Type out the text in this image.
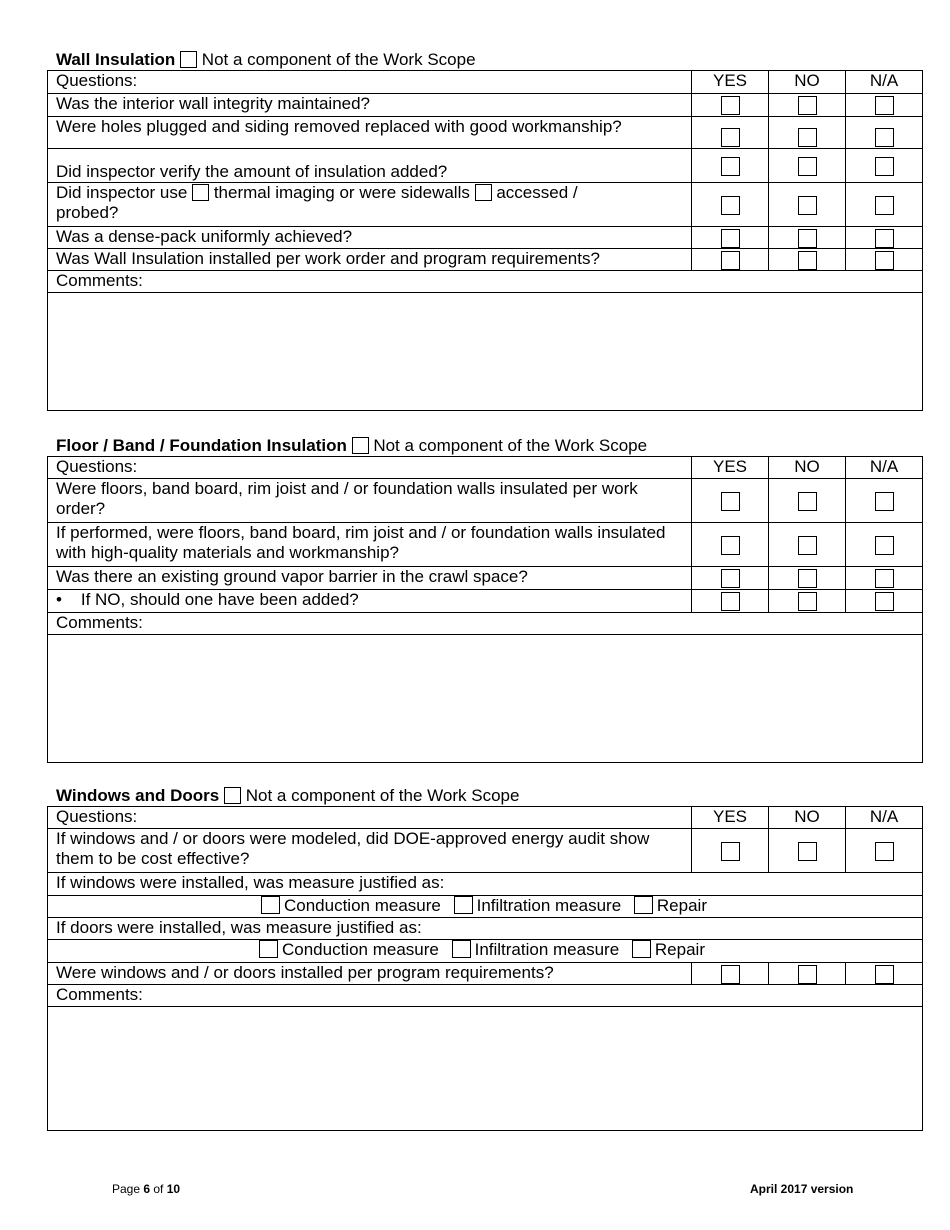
Wall Insulation Not a component of the Work Scope
Questions:	YES	NO	N/A
Was the interior wall integrity maintained?			
Were holes plugged and siding removed replaced with good workmanship?			
Did inspector verify the amount of insulation added?			
Did inspector use thermal imaging or were sidewalls accessed /
probed?			
Was a dense-pack uniformly achieved?			
Was Wall Insulation installed per work order and program requirements?			
Comments:			

Floor / Band / Foundation Insulation Not a component of the Work Scope
Questions:	YES	NO	N/A
Were floors, band board, rim joist and / or foundation walls insulated per work order?			
If performed, were floors, band board, rim joist and / or foundation walls insulated with high-quality materials and workmanship?			
Was there an existing ground vapor barrier in the crawl space?			
• If NO, should one have been added?			
Comments:			

Windows and Doors Not a component of the Work Scope
Questions:	YES	NO	N/A
If windows and / or doors were modeled, did DOE-approved energy audit show them to be cost effective?			
If windows were installed, was measure justified as:			

Conduction measure Infiltration measure Repair			

If doors were installed, was measure justified as:			

Conduction measure Infiltration measure Repair			

Were windows and / or doors installed per program requirements?			
Comments:			

Page 6 of 10	April 2017 version
